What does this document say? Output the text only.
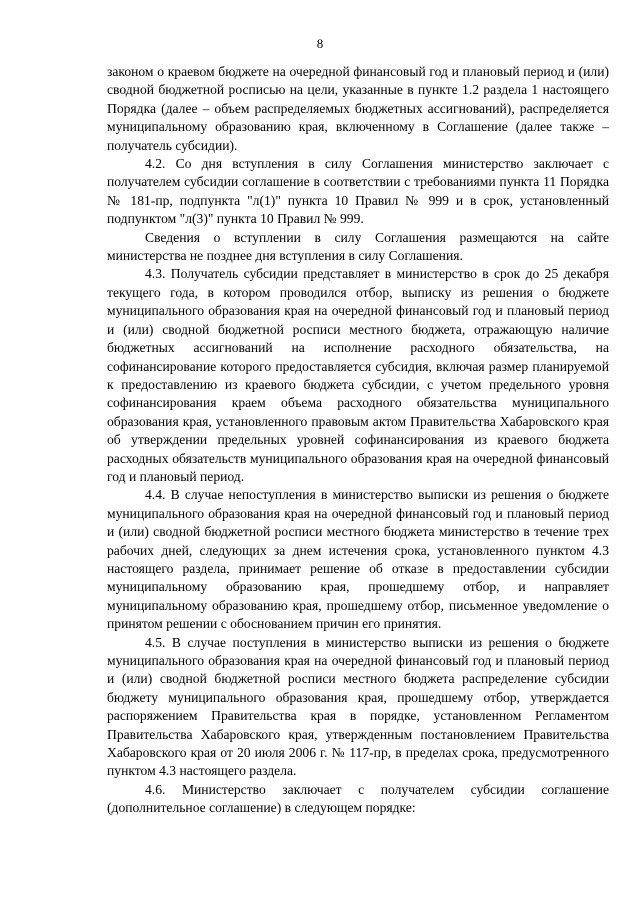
8

законом о краевом бюджете на очередной финансовый год и плановый период и (или) сводной бюджетной росписью на цели, указанные в пункте 1.2 раздела 1 настоящего Порядка (далее – объем распределяемых бюджетных ассигнований), распределяется муниципальному образованию края, включенному в Соглашение (далее также – получатель субсидии).

4.2. Со дня вступления в силу Соглашения министерство заключает с получателем субсидии соглашение в соответствии с требованиями пункта 11 Порядка № 181-пр, подпункта "л(1)" пункта 10 Правил № 999 и в срок, установленный подпунктом "л(3)" пункта 10 Правил № 999.

Сведения о вступлении в силу Соглашения размещаются на сайте министерства не позднее дня вступления в силу Соглашения.

4.3. Получатель субсидии представляет в министерство в срок до 25 декабря текущего года, в котором проводился отбор, выписку из решения о бюджете муниципального образования края на очередной финансовый год и плановый период и (или) сводной бюджетной росписи местного бюджета, отражающую наличие бюджетных ассигнований на исполнение расходного обязательства, на софинансирование которого предоставляется субсидия, включая размер планируемой к предоставлению из краевого бюджета субсидии, с учетом предельного уровня софинансирования краем объема расходного обязательства муниципального образования края, установленного правовым актом Правительства Хабаровского края об утверждении предельных уровней софинансирования из краевого бюджета расходных обязательств муниципального образования края на очередной финансовый год и плановый период.

4.4. В случае непоступления в министерство выписки из решения о бюджете муниципального образования края на очередной финансовый год и плановый период и (или) сводной бюджетной росписи местного бюджета министерство в течение трех рабочих дней, следующих за днем истечения срока, установленного пунктом 4.3 настоящего раздела, принимает решение об отказе в предоставлении субсидии муниципальному образованию края, прошедшему отбор, и направляет муниципальному образованию края, прошедшему отбор, письменное уведомление о принятом решении с обоснованием причин его принятия.

4.5. В случае поступления в министерство выписки из решения о бюджете муниципального образования края на очередной финансовый год и плановый период и (или) сводной бюджетной росписи местного бюджета распределение субсидии бюджету муниципального образования края, прошедшему отбор, утверждается распоряжением Правительства края в порядке, установленном Регламентом Правительства Хабаровского края, утвержденным постановлением Правительства Хабаровского края от 20 июля 2006 г. № 117-пр, в пределах срока, предусмотренного пунктом 4.3 настоящего раздела.

4.6. Министерство заключает с получателем субсидии соглашение (дополнительное соглашение) в следующем порядке:
